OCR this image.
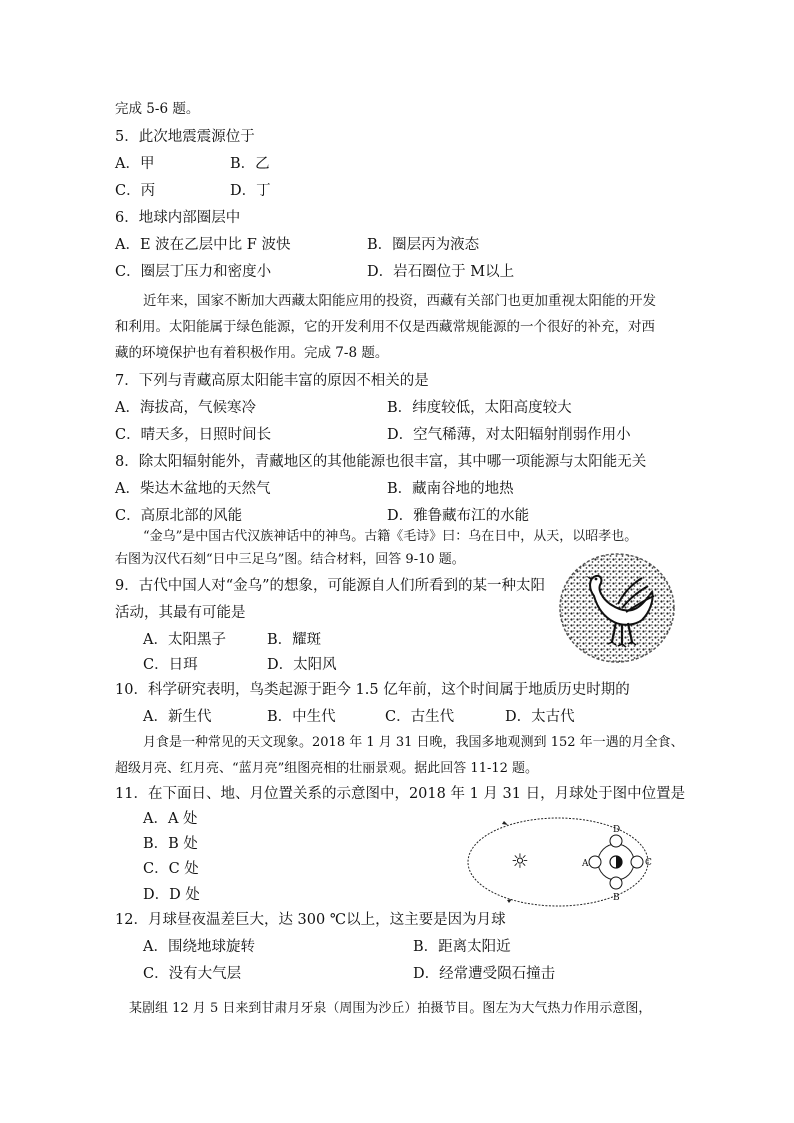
完成 5-6 题。
5．此次地震震源位于
A．甲	B．乙
C．丙	D．丁
6．地球内部圈层中
A．E 波在乙层中比 F 波快	B．圈层丙为液态
C．圈层丁压力和密度小	D．岩石圈位于 M以上
近年来，国家不断加大西藏太阳能应用的投资，西藏有关部门也更加重视太阳能的开发
和利用。太阳能属于绿色能源，它的开发利用不仅是西藏常规能源的一个很好的补充，对西
藏的环境保护也有着积极作用。完成 7-8 题。
7．下列与青藏高原太阳能丰富的原因不相关的是
A．海拔高，气候寒冷	B．纬度较低，太阳高度较大
C．晴天多，日照时间长	D．空气稀薄，对太阳辐射削弱作用小
8．除太阳辐射能外，青藏地区的其他能源也很丰富，其中哪一项能源与太阳能无关
A．柴达木盆地的天然气	B．藏南谷地的地热
C．高原北部的风能	D．雅鲁藏布江的水能
“金乌”是中国古代汉族神话中的神鸟。古籍《毛诗》曰：乌在日中，从天，以昭孝也。
右图为汉代石刻“日中三足乌”图。结合材料，回答 9-10 题。
9．古代中国人对“金乌”的想象，可能源自人们所看到的某一种太阳
活动，其最有可能是
A．太阳黑子	B．耀斑
C．日珥	D．太阳风
10．科学研究表明，鸟类起源于距今 1.5 亿年前，这个时间属于地质历史时期的
A．新生代	B．中生代	C．古生代	D．太古代
月食是一种常见的天文现象。2018 年 1 月 31 日晚，我国多地观测到 152 年一遇的月全食、
超级月亮、红月亮、“蓝月亮”组图亮相的壮丽景观。据此回答 11-12 题。
11．在下面日、地、月位置关系的示意图中，2018 年 1 月 31 日，月球处于图中位置是
A．A 处
B．B 处
C．C 处
D．D 处
☼	A	C
D
B
12．月球昼夜温差巨大，达 300 ℃以上，这主要是因为月球
A．围绕地球旋转	B．距离太阳近
C．没有大气层	D．经常遭受陨石撞击
某剧组 12 月 5 日来到甘肃月牙泉（周围为沙丘）拍摄节目。图左为大气热力作用示意图，
